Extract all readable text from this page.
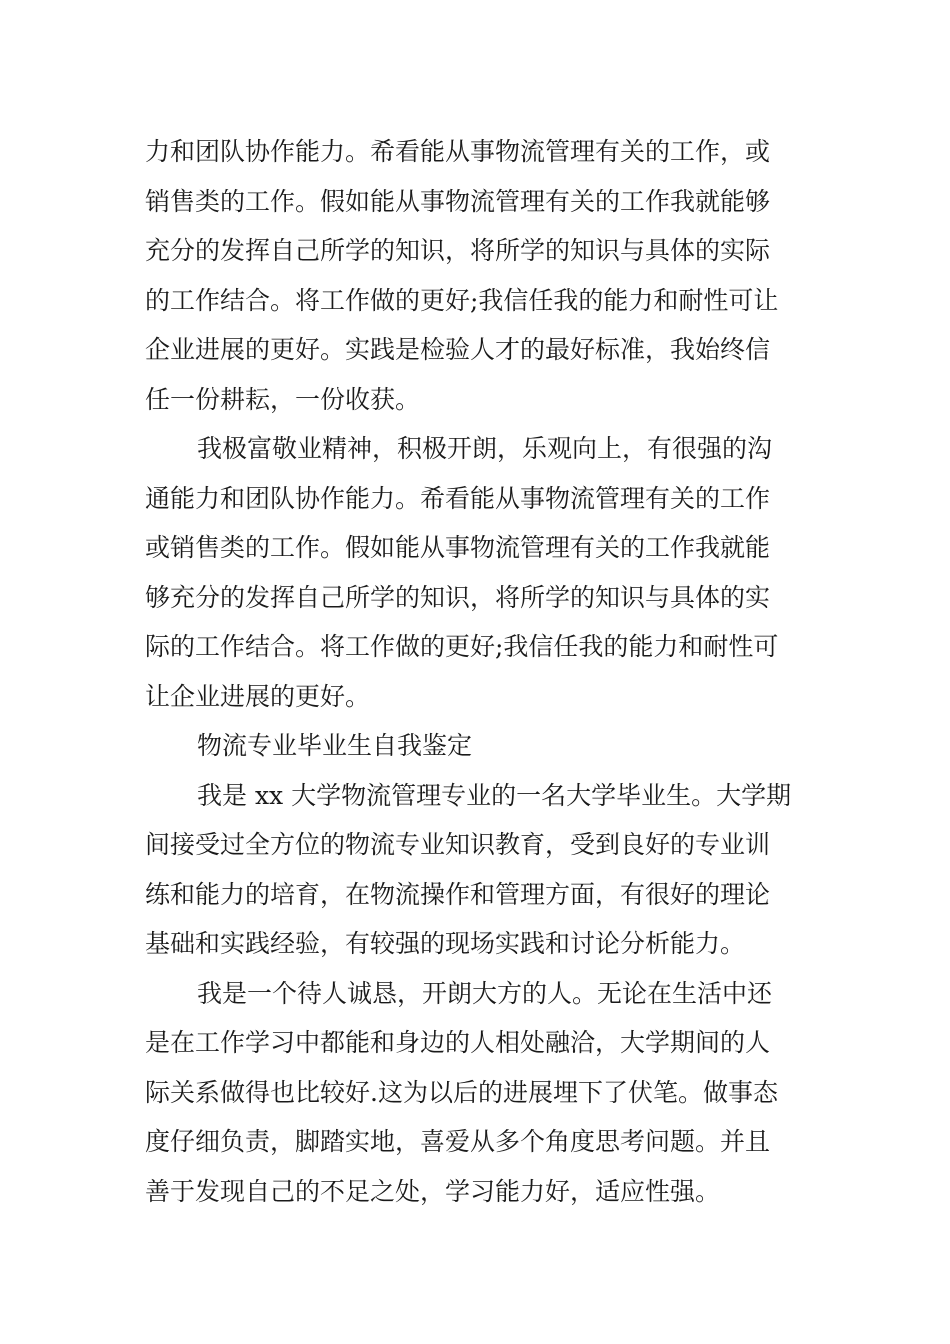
力和团队协作能力。希看能从事物流管理有关的工作，或
销售类的工作。假如能从事物流管理有关的工作我就能够
充分的发挥自己所学的知识，将所学的知识与具体的实际
的工作结合。将工作做的更好;我信任我的能力和耐性可让
企业进展的更好。实践是检验人才的最好标准，我始终信
任一份耕耘，一份收获。
我极富敬业精神，积极开朗，乐观向上，有很强的沟
通能力和团队协作能力。希看能从事物流管理有关的工作
或销售类的工作。假如能从事物流管理有关的工作我就能
够充分的发挥自己所学的知识，将所学的知识与具体的实
际的工作结合。将工作做的更好;我信任我的能力和耐性可
让企业进展的更好。
物流专业毕业生自我鉴定
我是 xx 大学物流管理专业的一名大学毕业生。大学期
间接受过全方位的物流专业知识教育，受到良好的专业训
练和能力的培育，在物流操作和管理方面，有很好的理论
基础和实践经验，有较强的现场实践和讨论分析能力。
我是一个待人诚恳，开朗大方的人。无论在生活中还
是在工作学习中都能和身边的人相处融洽，大学期间的人
际关系做得也比较好.这为以后的进展埋下了伏笔。做事态
度仔细负责，脚踏实地，喜爱从多个角度思考问题。并且
善于发现自己的不足之处，学习能力好，适应性强。
